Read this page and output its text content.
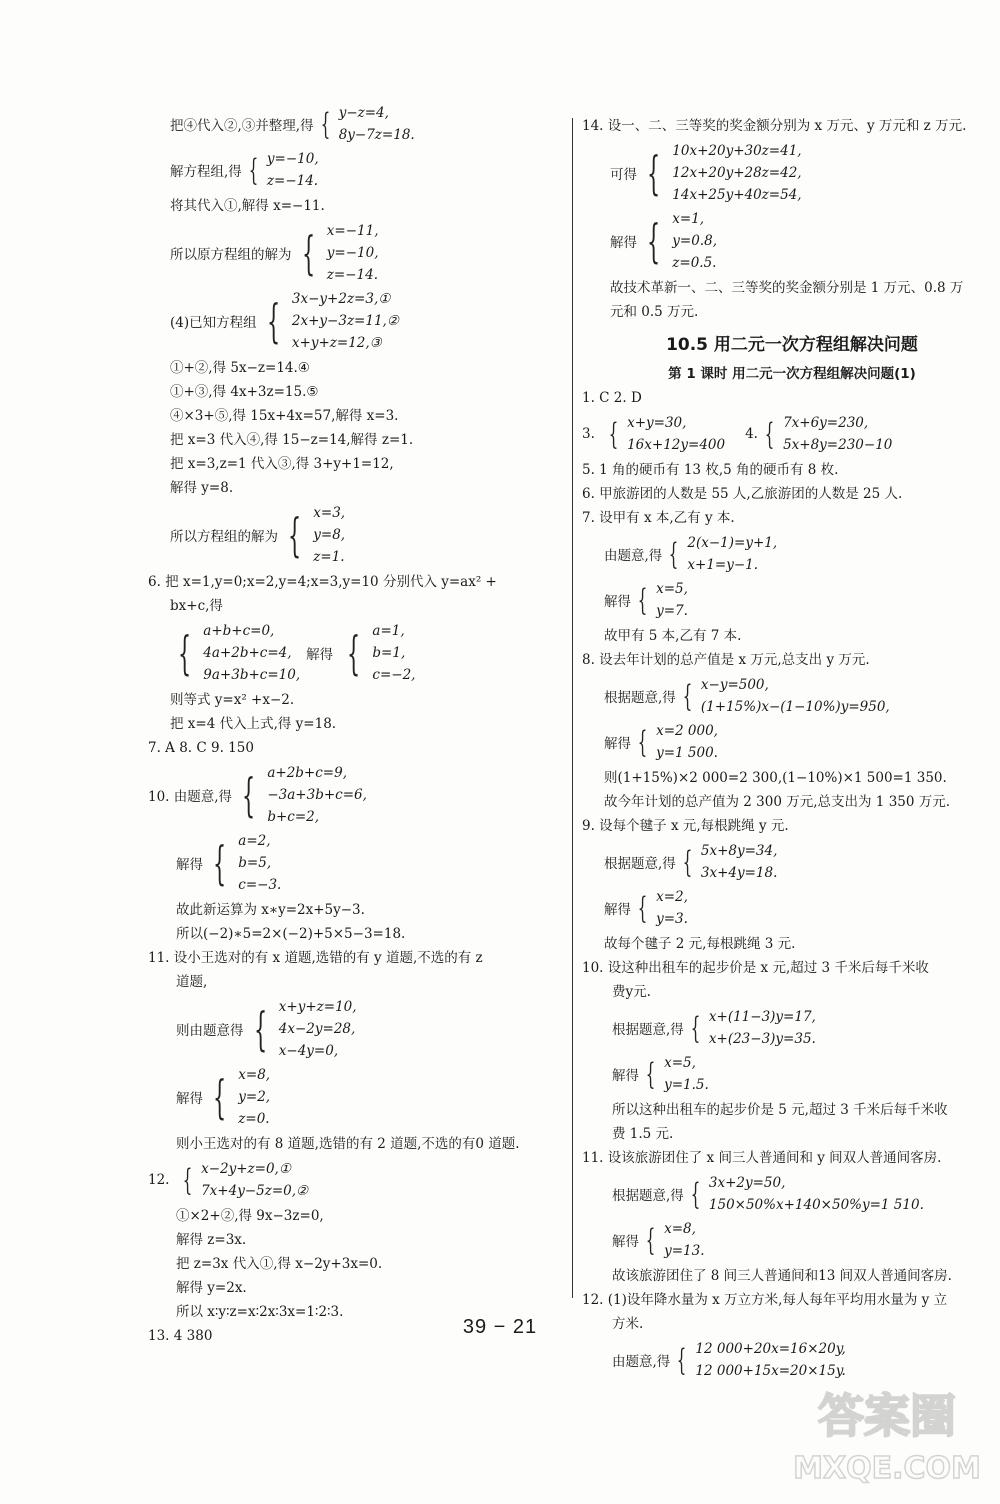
把④代入②,③并整理,得 { y−z=4,
8y−7z=18.
解方程组,得 { y=−10,
z=−14.
将其代入①,解得 x=−11.
所以原方程组的解为 { x=−11,
y=−10,
z=−14.
(4)已知方程组 { 3x−y+2z=3,①
2x+y−3z=11,②
x+y+z=12,③
①+②,得 5x−z=14.④
①+③,得 4x+3z=15.⑤
④×3+⑤,得 15x+4x=57,解得 x=3.
把 x=3 代入④,得 15−z=14,解得 z=1.
把 x=3,z=1 代入③,得 3+y+1=12,
解得 y=8.
所以方程组的解为 { x=3,
y=8,
z=1.
6. 把 x=1,y=0;x=2,y=4;x=3,y=10 分别代入 y=ax² +
bx+c,得
{ a+b+c=0,
4a+2b+c=4,
9a+3b+c=10,
解得 { a=1,
b=1,
c=−2,
则等式 y=x² +x−2.
把 x=4 代入上式,得 y=18.
7. A 8. C 9. 150
10. 由题意,得 { a+2b+c=9,
−3a+3b+c=6,
b+c=2,
解得 { a=2,
b=5,
c=−3.
故此新运算为 x∗y=2x+5y−3.
所以(−2)∗5=2×(−2)+5×5−3=18.
11. 设小王选对的有 x 道题,选错的有 y 道题,不选的有 z
道题,
则由题意得 { x+y+z=10,
4x−2y=28,
x−4y=0,
解得 { x=8,
y=2,
z=0.
则小王选对的有 8 道题,选错的有 2 道题,不选的有0 道题.
12. { x−2y+z=0,①
7x+4y−5z=0,②
①×2+②,得 9x−3z=0,
解得 z=3x.
把 z=3x 代入①,得 x−2y+3x=0.
解得 y=2x.
所以 x∶y∶z=x∶2x∶3x=1∶2∶3.
13. 4 380
14. 设一、二、三等奖的奖金额分别为 x 万元、y 万元和 z 万元.
可得 { 10x+20y+30z=41,
12x+20y+28z=42,
14x+25y+40z=54,
解得 { x=1,
y=0.8,
z=0.5.
故技术革新一、二、三等奖的奖金额分别是 1 万元、0.8 万
元和 0.5 万元.
10.5 用二元一次方程组解决问题
第 1 课时 用二元一次方程组解决问题(1)
1. C 2. D
3. { x+y=30,
16x+12y=400
4. { 7x+6y=230,
5x+8y=230−10
5. 1 角的硬币有 13 枚,5 角的硬币有 8 枚.
6. 甲旅游团的人数是 55 人,乙旅游团的人数是 25 人.
7. 设甲有 x 本,乙有 y 本.
由题意,得 { 2(x−1)=y+1,
x+1=y−1.
解得 { x=5,
y=7.
故甲有 5 本,乙有 7 本.
8. 设去年计划的总产值是 x 万元,总支出 y 万元.
根据题意,得 { x−y=500,
(1+15%)x−(1−10%)y=950,
解得 { x=2 000,
y=1 500.
则(1+15%)×2 000=2 300,(1−10%)×1 500=1 350.
故今年计划的总产值为 2 300 万元,总支出为 1 350 万元.
9. 设每个毽子 x 元,每根跳绳 y 元.
根据题意,得 { 5x+8y=34,
3x+4y=18.
解得 { x=2,
y=3.
故每个毽子 2 元,每根跳绳 3 元.
10. 设这种出租车的起步价是 x 元,超过 3 千米后每千米收
费y元.
根据题意,得 { x+(11−3)y=17,
x+(23−3)y=35.
解得 { x=5,
y=1.5.
所以这种出租车的起步价是 5 元,超过 3 千米后每千米收
费 1.5 元.
11. 设该旅游团住了 x 间三人普通间和 y 间双人普通间客房.
根据题意,得 { 3x+2y=50,
150×50%x+140×50%y=1 510.
解得 { x=8,
y=13.
故该旅游团住了 8 间三人普通间和13 间双人普通间客房.
12. (1)设年降水量为 x 万立方米,每人每年平均用水量为 y 立
方米.
由题意,得 { 12 000+20x=16×20y,
12 000+15x=20×15y.
39 − 21
答案圈
MXQE.COM
